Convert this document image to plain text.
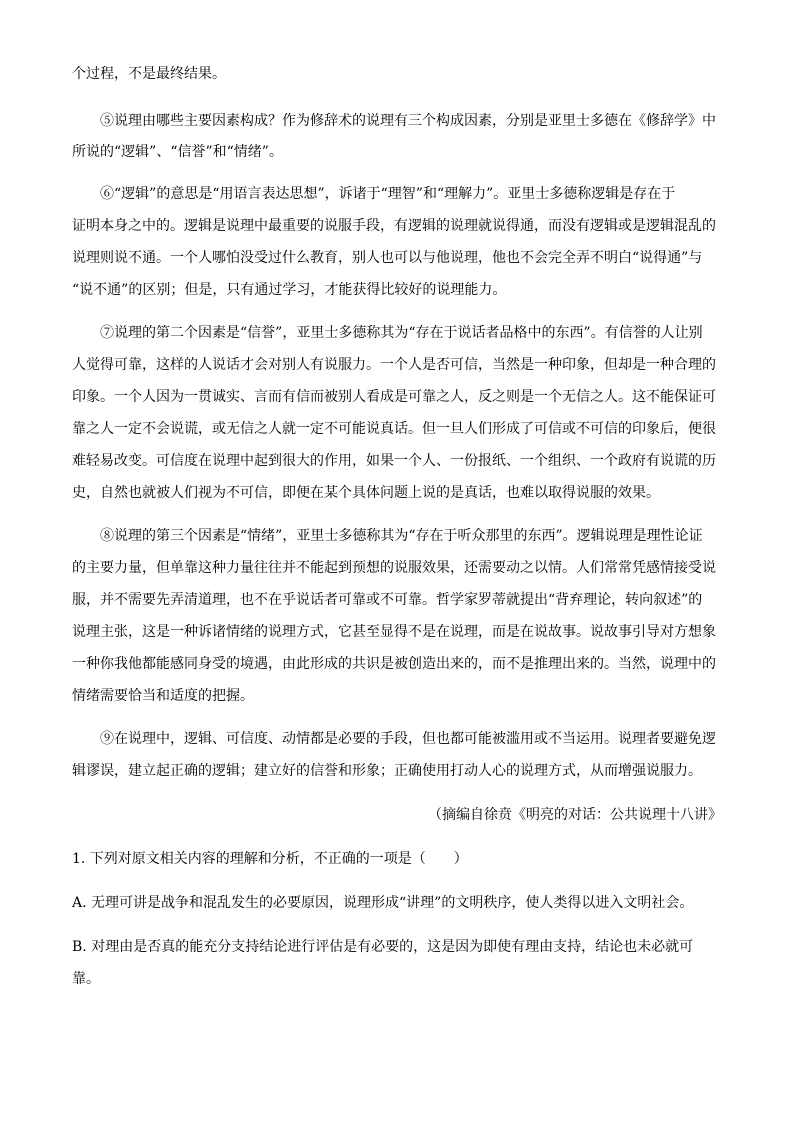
个过程，不是最终结果。
⑤说理由哪些主要因素构成？作为修辞术的说理有三个构成因素，分别是亚里士多德在《修辞学》中
所说的“逻辑”、“信誉”和“情绪”。
⑥“逻辑”的意思是“用语言表达思想”，诉诸于“理智”和“理解力”。亚里士多德称逻辑是存在于
证明本身之中的。逻辑是说理中最重要的说服手段，有逻辑的说理就说得通，而没有逻辑或是逻辑混乱的
说理则说不通。一个人哪怕没受过什么教育，别人也可以与他说理，他也不会完全弄不明白“说得通”与
“说不通”的区别；但是，只有通过学习，才能获得比较好的说理能力。
⑦说理的第二个因素是“信誉”，亚里士多德称其为“存在于说话者品格中的东西”。有信誉的人让别
人觉得可靠，这样的人说话才会对别人有说服力。一个人是否可信，当然是一种印象，但却是一种合理的
印象。一个人因为一贯诚实、言而有信而被别人看成是可靠之人，反之则是一个无信之人。这不能保证可
靠之人一定不会说谎，或无信之人就一定不可能说真话。但一旦人们形成了可信或不可信的印象后，便很
难轻易改变。可信度在说理中起到很大的作用，如果一个人、一份报纸、一个组织、一个政府有说谎的历
史，自然也就被人们视为不可信，即便在某个具体问题上说的是真话，也难以取得说服的效果。
⑧说理的第三个因素是“情绪”，亚里士多德称其为“存在于听众那里的东西”。逻辑说理是理性论证
的主要力量，但单靠这种力量往往并不能起到预想的说服效果，还需要动之以情。人们常常凭感情接受说
服，并不需要先弄清道理，也不在乎说话者可靠或不可靠。哲学家罗蒂就提出“背弃理论，转向叙述”的
说理主张，这是一种诉诸情绪的说理方式，它甚至显得不是在说理，而是在说故事。说故事引导对方想象
一种你我他都能感同身受的境遇，由此形成的共识是被创造出来的，而不是推理出来的。当然，说理中的
情绪需要恰当和适度的把握。
⑨在说理中，逻辑、可信度、动情都是必要的手段，但也都可能被滥用或不当运用。说理者要避免逻
辑谬误，建立起正确的逻辑；建立好的信誉和形象；正确使用打动人心的说理方式，从而增强说服力。
（摘编自徐贲《明亮的对话：公共说理十八讲》
1. 下列对原文相关内容的理解和分析，不正确的一项是（　　）
A. 无理可讲是战争和混乱发生的必要原因，说理形成“讲理”的文明秩序，使人类得以进入文明社会。
B. 对理由是否真的能充分支持结论进行评估是有必要的，这是因为即使有理由支持，结论也未必就可
靠。
